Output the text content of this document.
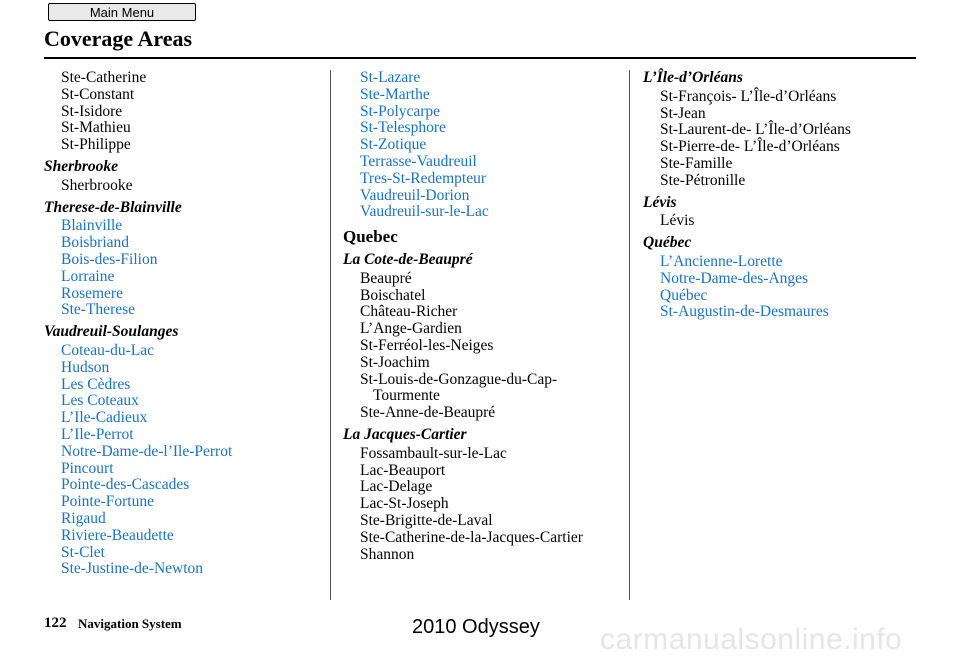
Main Menu
Coverage Areas
Ste-Catherine
St-Constant
St-Isidore
St-Mathieu
St-Philippe
Sherbrooke
Sherbrooke
Therese-de-Blainville
Blainville
Boisbriand
Bois-des-Filion
Lorraine
Rosemere
Ste-Therese
Vaudreuil-Soulanges
Coteau-du-Lac
Hudson
Les Cèdres
Les Coteaux
L’Ile-Cadieux
L’Ile-Perrot
Notre-Dame-de-l’Ile-Perrot
Pincourt
Pointe-des-Cascades
Pointe-Fortune
Rigaud
Riviere-Beaudette
St-Clet
Ste-Justine-de-Newton
St-Lazare
Ste-Marthe
St-Polycarpe
St-Telesphore
St-Zotique
Terrasse-Vaudreuil
Tres-St-Redempteur
Vaudreuil-Dorion
Vaudreuil-sur-le-Lac
Quebec
La Cote-de-Beaupré
Beaupré
Boischatel
Château-Richer
L’Ange-Gardien
St-Ferréol-les-Neiges
St-Joachim
St-Louis-de-Gonzague-du-Cap-Tourmente
Ste-Anne-de-Beaupré
La Jacques-Cartier
Fossambault-sur-le-Lac
Lac-Beauport
Lac-Delage
Lac-St-Joseph
Ste-Brigitte-de-Laval
Ste-Catherine-de-la-Jacques-Cartier
Shannon
L’Île-d’Orléans
St-François- L’Île-d’Orléans
St-Jean
St-Laurent-de- L’Île-d’Orléans
St-Pierre-de- L’Île-d’Orléans
Ste-Famille
Ste-Pétronille
Lévis
Lévis
Québec
L’Ancienne-Lorette
Notre-Dame-des-Anges
Québec
St-Augustin-de-Desmaures
122 Navigation System	2010 Odyssey carmanualsonline.info
